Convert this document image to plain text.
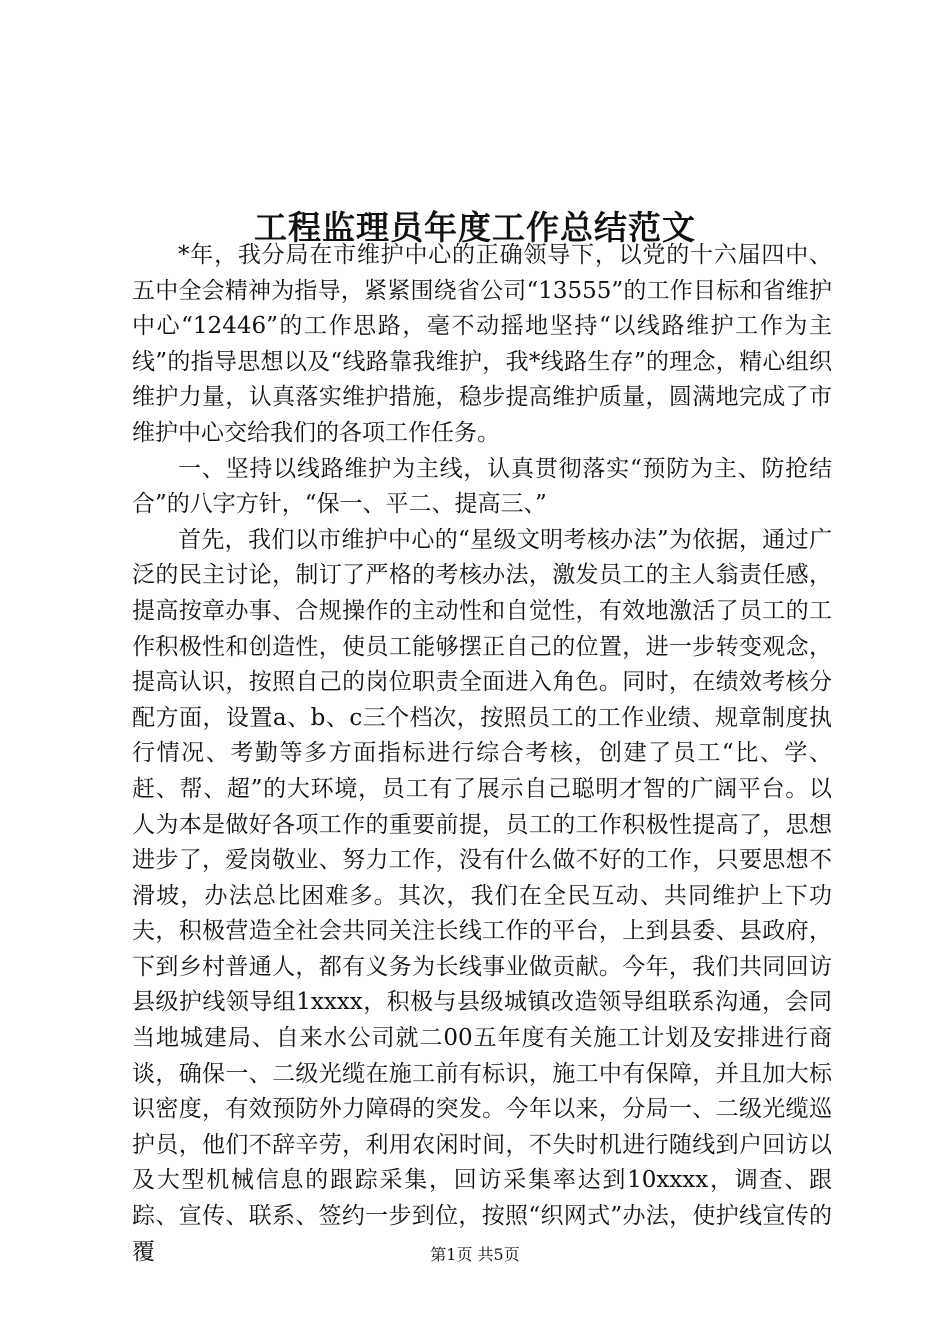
工程监理员年度工作总结范文

*年，我分局在市维护中心的正确领导下，以党的十六届四中、五中全会精神为指导，紧紧围绕省公司“13555”的工作目标和省维护中心“12446”的工作思路，毫不动摇地坚持“以线路维护工作为主线”的指导思想以及“线路靠我维护，我*线路生存”的理念，精心组织维护力量，认真落实维护措施，稳步提高维护质量，圆满地完成了市维护中心交给我们的各项工作任务。

一、坚持以线路维护为主线，认真贯彻落实“预防为主、防抢结合”的八字方针，“保一、平二、提高三、”

首先，我们以市维护中心的“星级文明考核办法”为依据，通过广泛的民主讨论，制订了严格的考核办法，激发员工的主人翁责任感，提高按章办事、合规操作的主动性和自觉性，有效地激活了员工的工作积极性和创造性，使员工能够摆正自己的位置，进一步转变观念，提高认识，按照自己的岗位职责全面进入角色。同时，在绩效考核分配方面，设置a、b、c三个档次，按照员工的工作业绩、规章制度执行情况、考勤等多方面指标进行综合考核，创建了员工“比、学、赶、帮、超”的大环境，员工有了展示自己聪明才智的广阔平台。以人为本是做好各项工作的重要前提，员工的工作积极性提高了，思想进步了，爱岗敬业、努力工作，没有什么做不好的工作，只要思想不滑坡，办法总比困难多。其次，我们在全民互动、共同维护上下功夫，积极营造全社会共同关注长线工作的平台，上到县委、县政府，下到乡村普通人，都有义务为长线事业做贡献。今年，我们共同回访县级护线领导组1xxxx，积极与县级城镇改造领导组联系沟通，会同当地城建局、自来水公司就二00五年度有关施工计划及安排进行商谈，确保一、二级光缆在施工前有标识，施工中有保障，并且加大标识密度，有效预防外力障碍的突发。今年以来，分局一、二级光缆巡护员，他们不辞辛劳，利用农闲时间，不失时机进行随线到户回访以及大型机械信息的跟踪采集，回访采集率达到10xxxx，调查、跟踪、宣传、联系、签约一步到位，按照“织网式”办法，使护线宣传的覆	第1页 共5页
